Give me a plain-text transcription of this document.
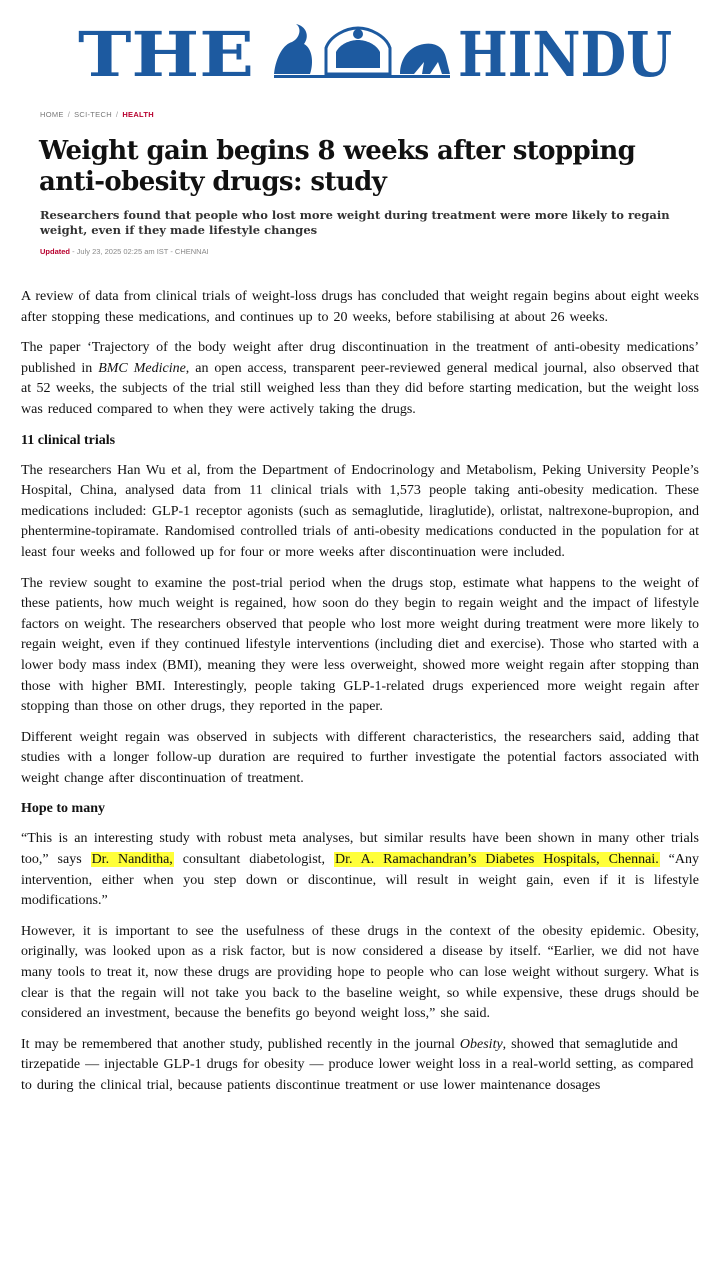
THE	HINDU
HOME / SCI-TECH / HEALTH
Weight gain begins 8 weeks after stopping anti-obesity drugs: study

Researchers found that people who lost more weight during treatment were more likely to regain weight, even if they made lifestyle changes

Updated - July 23, 2025 02:25 am IST - CHENNAI

A review of data from clinical trials of weight-loss drugs has concluded that weight regain begins about eight weeks after stopping these medications, and continues up to 20 weeks, before stabilising at about 26 weeks.

The paper ‘Trajectory of the body weight after drug discontinuation in the treatment of anti-obesity medications’ published in BMC Medicine, an open access, transparent peer-reviewed general medical journal, also observed that at 52 weeks, the subjects of the trial still weighed less than they did before starting medication, but the weight loss was reduced compared to when they were actively taking the drugs.

11 clinical trials

The researchers Han Wu et al, from the Department of Endocrinology and Metabolism, Peking University People’s Hospital, China, analysed data from 11 clinical trials with 1,573 people taking anti-obesity medication. These medications included: GLP-1 receptor agonists (such as semaglutide, liraglutide), orlistat, naltrexone-bupropion, and phentermine-topiramate. Randomised controlled trials of anti-obesity medications conducted in the population for at least four weeks and followed up for four or more weeks after discontinuation were included.

The review sought to examine the post-trial period when the drugs stop, estimate what happens to the weight of these patients, how much weight is regained, how soon do they begin to regain weight and the impact of lifestyle factors on weight. The researchers observed that people who lost more weight during treatment were more likely to regain weight, even if they continued lifestyle interventions (including diet and exercise). Those who started with a lower body mass index (BMI), meaning they were less overweight, showed more weight regain after stopping than those with higher BMI. Interestingly, people taking GLP-1-related drugs experienced more weight regain after stopping than those on other drugs, they reported in the paper.

Different weight regain was observed in subjects with different characteristics, the researchers said, adding that studies with a longer follow-up duration are required to further investigate the potential factors associated with weight change after discontinuation of treatment.

Hope to many

“This is an interesting study with robust meta analyses, but similar results have been shown in many other trials too,” says Dr. Nanditha, consultant diabetologist, Dr. A. Ramachandran’s Diabetes Hospitals, Chennai. “Any intervention, either when you step down or discontinue, will result in weight gain, even if it is lifestyle modifications.”

However, it is important to see the usefulness of these drugs in the context of the obesity epidemic. Obesity, originally, was looked upon as a risk factor, but is now considered a disease by itself. “Earlier, we did not have many tools to treat it, now these drugs are providing hope to people who can lose weight without surgery. What is clear is that the regain will not take you back to the baseline weight, so while expensive, these drugs should be considered an investment, because the benefits go beyond weight loss,” she said.

It may be remembered that another study, published recently in the journal Obesity, showed that semaglutide and tirzepatide — injectable GLP-1 drugs for obesity — produce lower weight loss in a real-world setting, as compared to during the clinical trial, because patients discontinue treatment or use lower maintenance dosages
